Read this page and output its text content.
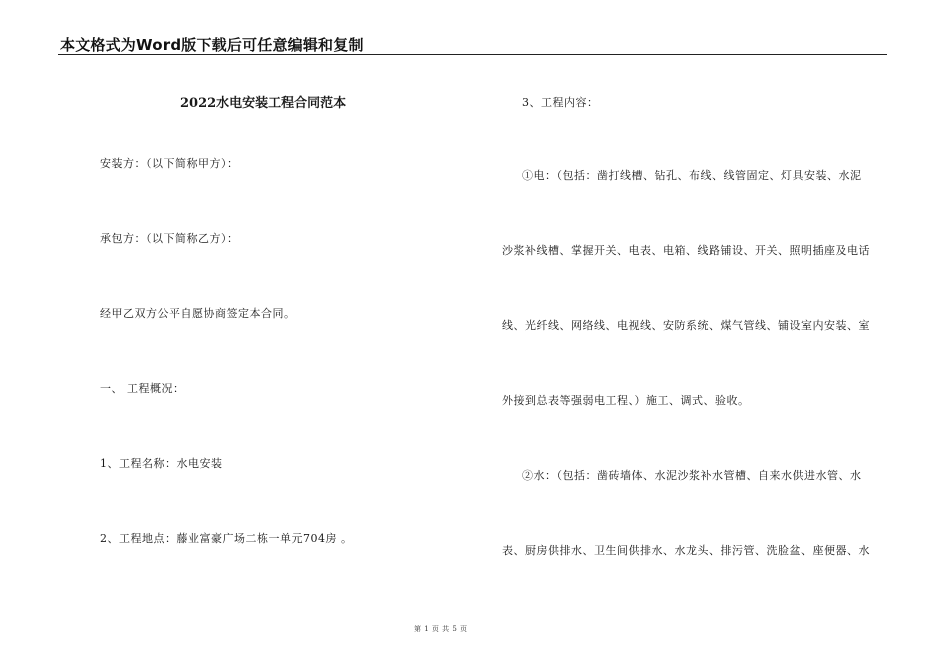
本文格式为Word版下载后可任意编辑和复制
2022水电安装工程合同范本
安装方：（以下简称甲方）：
承包方：（以下简称乙方）：
经甲乙双方公平自愿协商签定本合同。
一、 工程概况：
1、工程名称：水电安装
2、工程地点：藤业富豪广场二栋一单元704房 。
3、工程内容：
①电：（包括：凿打线槽、钻孔、布线、线管固定、灯具安装、水泥
沙浆补线槽、掌握开关、电表、电箱、线路铺设、开关、照明插座及电话
线、光纤线、网络线、电视线、安防系统、煤气管线、铺设室内安装、室
外接到总表等强弱电工程、）施工、调式、验收。
②水：（包括：凿砖墙体、水泥沙浆补水管槽、自来水供进水管、水
表、厨房供排水、卫生间供排水、水龙头、排污管、洗脸盆、座便器、水
第 1 页 共 5 页
